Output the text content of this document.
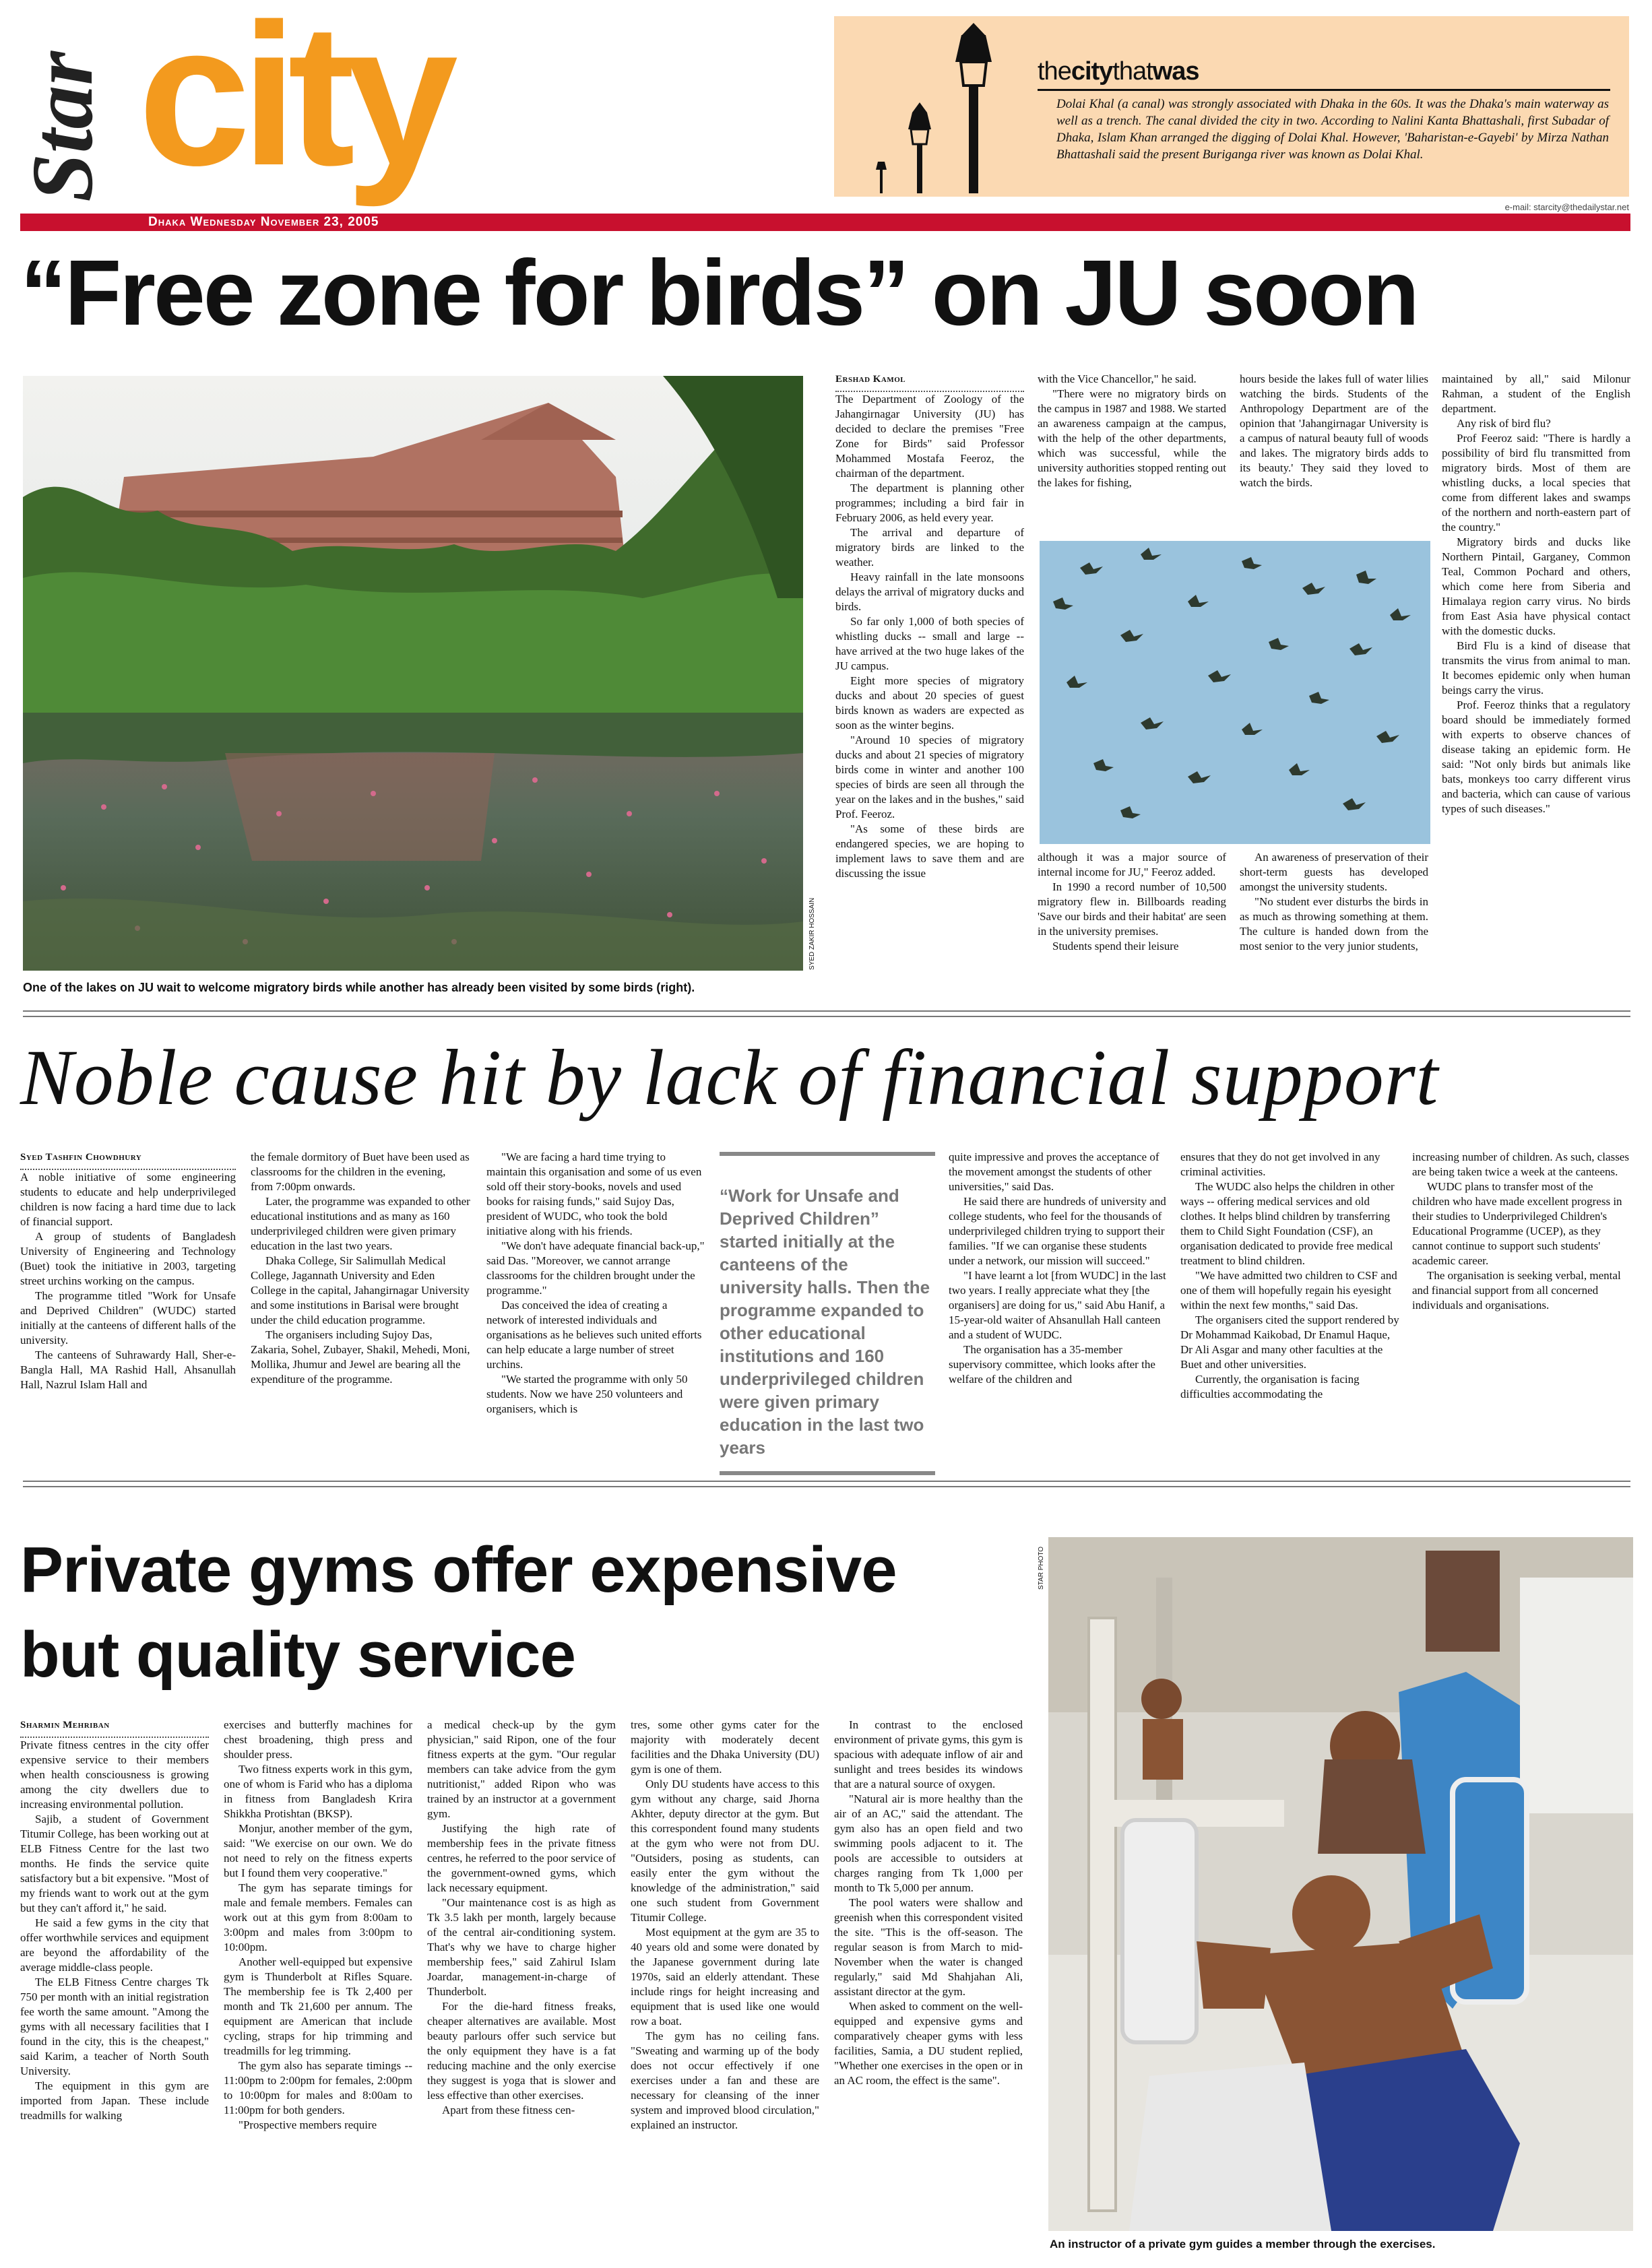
Star city
Dhaka Wednesday November 23, 2005
e-mail: starcity@thedailystar.net
thecitythatwas
Dolai Khal (a canal) was strongly associated with Dhaka in the 60s. It was the Dhaka's main waterway as well as a trench. The canal divided the city in two. According to Nalini Kanta Bhattashali, first Subadar of Dhaka, Islam Khan arranged the digging of Dolai Khal. However, 'Baharistan-e-Gayebi' by Mirza Nathan Bhattashali said the present Buriganga river was known as Dolai Khal.
“Free zone for birds” on JU soon
SYED ZAKIR HOSSAIN
One of the lakes on JU wait to welcome migratory birds while another has already been visited by some birds (right).

Ershad Kamol

The Department of Zoology of the Jahangirnagar University (JU) has decided to declare the premises "Free Zone for Birds" said Professor Mohammed Mostafa Feeroz, the chairman of the department.

The department is planning other programmes; including a bird fair in February 2006, as held every year.

The arrival and departure of migratory birds are linked to the weather.

Heavy rainfall in the late monsoons delays the arrival of migratory ducks and birds.

So far only 1,000 of both species of whistling ducks -- small and large -- have arrived at the two huge lakes of the JU campus.

Eight more species of migratory ducks and about 20 species of guest birds known as waders are expected as soon as the winter begins.

"Around 10 species of migratory ducks and about 21 species of migratory birds come in winter and another 100 species of birds are seen all through the year on the lakes and in the bushes," said Prof. Feeroz.

"As some of these birds are endangered species, we are hoping to implement laws to save them and are discussing the issue

with the Vice Chancellor," he said.

"There were no migratory birds on the campus in 1987 and 1988. We started an awareness campaign at the campus, with the help of the other departments, which was successful, while the university authorities stopped renting out the lakes for fishing,

hours beside the lakes full of water lilies watching the birds. Students of the Anthropology Department are of the opinion that 'Jahangirnagar University is a campus of natural beauty full of woods and lakes. The migratory birds adds to its beauty.' They said they loved to watch the birds.

although it was a major source of internal income for JU," Feeroz added.

In 1990 a record number of 10,500 migratory flew in. Billboards reading 'Save our birds and their habitat' are seen in the university premises.

Students spend their leisure

An awareness of preservation of their short-term guests has developed amongst the university students.

"No student ever disturbs the birds in as much as throwing something at them. The culture is handed down from the most senior to the very junior students,

maintained by all," said Milonur Rahman, a student of the English department.

Any risk of bird flu?

Prof Feeroz said: "There is hardly a possibility of bird flu transmitted from migratory birds. Most of them are whistling ducks, a local species that come from different lakes and swamps of the northern and north-eastern part of the country."

Migratory birds and ducks like Northern Pintail, Garganey, Common Teal, Common Pochard and others, which come here from Siberia and Himalaya region carry virus. No birds from East Asia have physical contact with the domestic ducks.

Bird Flu is a kind of disease that transmits the virus from animal to man. It becomes epidemic only when human beings carry the virus.

Prof. Feeroz thinks that a regulatory board should be immediately formed with experts to observe chances of disease taking an epidemic form. He said: "Not only birds but animals like bats, monkeys too carry different virus and bacteria, which can cause of various types of such diseases."

Noble cause hit by lack of financial support

Syed Tashfin Chowdhury

A noble initiative of some engineering students to educate and help underprivileged children is now facing a hard time due to lack of financial support.

A group of students of Bangladesh University of Engineering and Technology (Buet) took the initiative in 2003, targeting street urchins working on the campus.

The programme titled "Work for Unsafe and Deprived Children" (WUDC) started initially at the canteens of different halls of the university.

The canteens of Suhrawardy Hall, Sher-e-Bangla Hall, MA Rashid Hall, Ahsanullah Hall, Nazrul Islam Hall and

the female dormitory of Buet have been used as classrooms for the children in the evening, from 7:00pm onwards.

Later, the programme was expanded to other educational institutions and as many as 160 underprivileged children were given primary education in the last two years.

Dhaka College, Sir Salimullah Medical College, Jagannath University and Eden College in the capital, Jahangirnagar University and some institutions in Barisal were brought under the child education programme.

The organisers including Sujoy Das, Zakaria, Sohel, Zubayer, Shakil, Mehedi, Moni, Mollika, Jhumur and Jewel are bearing all the expenditure of the programme.

"We are facing a hard time trying to maintain this organisation and some of us even sold off their story-books, novels and used books for raising funds," said Sujoy Das, president of WUDC, who took the bold initiative along with his friends.

"We don't have adequate financial back-up," said Das. "Moreover, we cannot arrange classrooms for the children brought under the programme."

Das conceived the idea of creating a network of interested individuals and organisations as he believes such united efforts can help educate a large number of street urchins.

"We started the programme with only 50 students. Now we have 250 volunteers and organisers, which is

“Work for Unsafe and Deprived Children” started initially at the canteens of the university halls. Then the programme expanded to other educational institutions and 160 underprivileged children were given primary education in the last two years

quite impressive and proves the acceptance of the movement amongst the students of other universities," said Das.

He said there are hundreds of university and college students, who feel for the thousands of underprivileged children trying to support their families. "If we can organise these students under a network, our mission will succeed."

"I have learnt a lot [from WUDC] in the last two years. I really appreciate what they [the organisers] are doing for us," said Abu Hanif, a 15-year-old waiter of Ahsanullah Hall canteen and a student of WUDC.

The organisation has a 35-member supervisory committee, which looks after the welfare of the children and

ensures that they do not get involved in any criminal activities.

The WUDC also helps the children in other ways -- offering medical services and old clothes. It helps blind children by transferring them to Child Sight Foundation (CSF), an organisation dedicated to provide free medical treatment to blind children.

"We have admitted two children to CSF and one of them will hopefully regain his eyesight within the next few months," said Das.

The organisers cited the support rendered by Dr Mohammad Kaikobad, Dr Enamul Haque, Dr Ali Asgar and many other faculties at the Buet and other universities.

Currently, the organisation is facing difficulties accommodating the

increasing number of children. As such, classes are being taken twice a week at the canteens.

WUDC plans to transfer most of the children who have made excellent progress in their studies to Underprivileged Children's Educational Programme (UCEP), as they cannot continue to support such students' academic career.

The organisation is seeking verbal, mental and financial support from all concerned individuals and organisations.

Private gyms offer expensive
but quality service

Sharmin Mehriban

Private fitness centres in the city offer expensive service to their members when health consciousness is growing among the city dwellers due to increasing environmental pollution.

Sajib, a student of Government Titumir College, has been working out at ELB Fitness Centre for the last two months. He finds the service quite satisfactory but a bit expensive. "Most of my friends want to work out at the gym but they can't afford it," he said.

He said a few gyms in the city that offer worthwhile services and equipment are beyond the affordability of the average middle-class people.

The ELB Fitness Centre charges Tk 750 per month with an initial registration fee worth the same amount. "Among the gyms with all necessary facilities that I found in the city, this is the cheapest," said Karim, a teacher of North South University.

The equipment in this gym are imported from Japan. These include treadmills for walking

exercises and butterfly machines for chest broadening, thigh press and shoulder press.

Two fitness experts work in this gym, one of whom is Farid who has a diploma in fitness from Bangladesh Krira Shikkha Protishtan (BKSP).

Monjur, another member of the gym, said: "We exercise on our own. We do not need to rely on the fitness experts but I found them very cooperative."

The gym has separate timings for male and female members. Females can work out at this gym from 8:00am to 3:00pm and males from 3:00pm to 10:00pm.

Another well-equipped but expensive gym is Thunderbolt at Rifles Square. The membership fee is Tk 2,400 per month and Tk 21,600 per annum. The equipment are American that include cycling, straps for hip trimming and treadmills for leg trimming.

The gym also has separate timings -- 11:00pm to 2:00pm for females, 2:00pm to 10:00pm for males and 8:00am to 11:00pm for both genders.

"Prospective members require

a medical check-up by the gym physician," said Ripon, one of the four fitness experts at the gym. "Our regular members can take advice from the gym nutritionist," added Ripon who was trained by an instructor at a government gym.

Justifying the high rate of membership fees in the private fitness centres, he referred to the poor service of the government-owned gyms, which lack necessary equipment.

"Our maintenance cost is as high as Tk 3.5 lakh per month, largely because of the central air-conditioning system. That's why we have to charge higher membership fees," said Zahirul Islam Joardar, management-in-charge of Thunderbolt.

For the die-hard fitness freaks, cheaper alternatives are available. Most beauty parlours offer such service but the only equipment they have is a fat reducing machine and the only exercise they suggest is yoga that is slower and less effective than other exercises.

Apart from these fitness cen-

tres, some other gyms cater for the majority with moderately decent facilities and the Dhaka University (DU) gym is one of them.

Only DU students have access to this gym without any charge, said Jhorna Akhter, deputy director at the gym. But this correspondent found many students at the gym who were not from DU. "Outsiders, posing as students, can easily enter the gym without the knowledge of the administration," said one such student from Government Titumir College.

Most equipment at the gym are 35 to 40 years old and some were donated by the Japanese government during late 1970s, said an elderly attendant. These include rings for height increasing and equipment that is used like one would row a boat.

The gym has no ceiling fans. "Sweating and warming up of the body does not occur effectively if one exercises under a fan and these are necessary for cleansing of the inner system and improved blood circulation," explained an instructor.

In contrast to the enclosed environment of private gyms, this gym is spacious with adequate inflow of air and sunlight and trees besides its windows that are a natural source of oxygen.

"Natural air is more healthy than the air of an AC," said the attendant. The gym also has an open field and two swimming pools adjacent to it. The pools are accessible to outsiders at charges ranging from Tk 1,000 per month to Tk 5,000 per annum.

The pool waters were shallow and greenish when this correspondent visited the site. "This is the off-season. The regular season is from March to mid-November when the water is changed regularly," said Md Shahjahan Ali, assistant director at the gym.

When asked to comment on the well-equipped and expensive gyms and comparatively cheaper gyms with less facilities, Samia, a DU student replied, "Whether one exercises in the open or in an AC room, the effect is the same".

STAR PHOTO
An instructor of a private gym guides a member through the exercises.
